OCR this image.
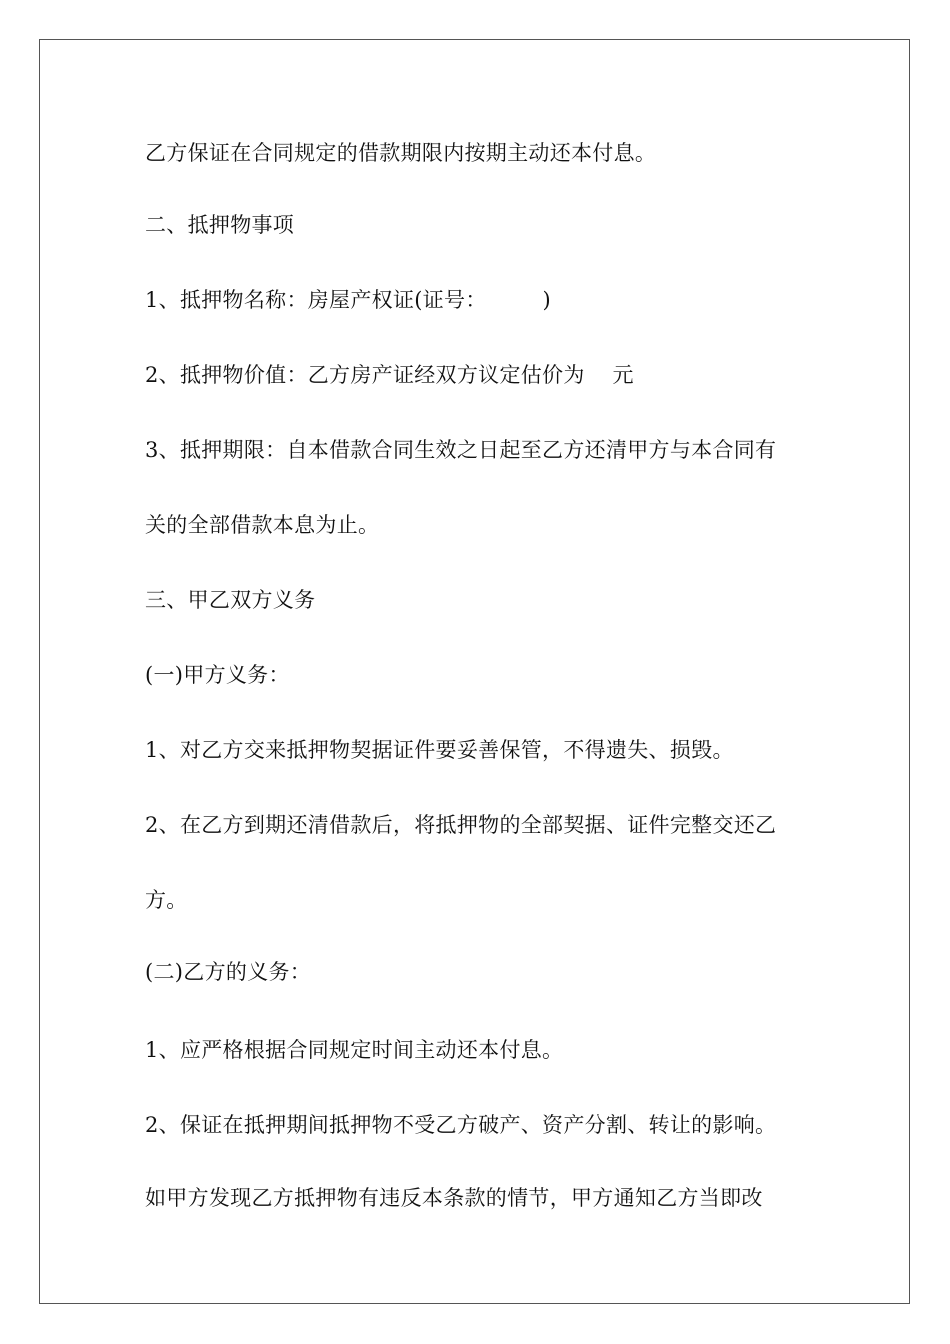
乙方保证在合同规定的借款期限内按期主动还本付息。
二、抵押物事项
1、抵押物名称：房屋产权证(证号：        )
2、抵押物价值：乙方房产证经双方议定估价为    元
3、抵押期限：自本借款合同生效之日起至乙方还清甲方与本合同有
关的全部借款本息为止。
三、甲乙双方义务
(一)甲方义务：
1、对乙方交来抵押物契据证件要妥善保管，不得遗失、损毁。
2、在乙方到期还清借款后，将抵押物的全部契据、证件完整交还乙
方。
(二)乙方的义务：
1、应严格根据合同规定时间主动还本付息。
2、保证在抵押期间抵押物不受乙方破产、资产分割、转让的影响。
如甲方发现乙方抵押物有违反本条款的情节，甲方通知乙方当即改
